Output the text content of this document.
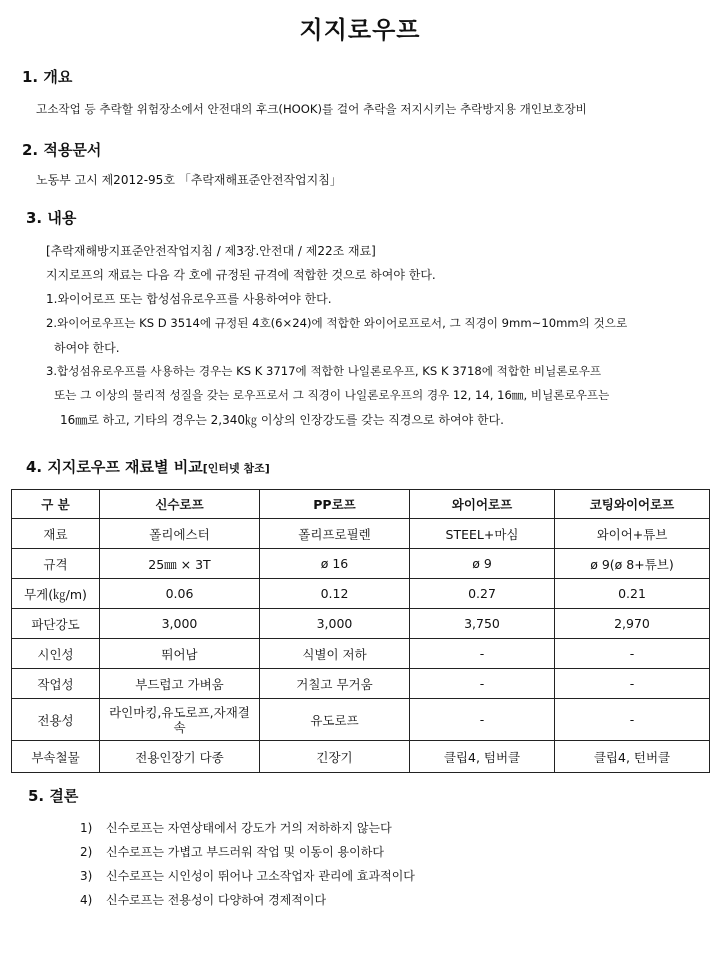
지지로우프
1. 개요
고소작업 등 추락할 위험장소에서 안전대의 후크(HOOK)를 걸어 추락을 저지시키는 추락방지용 개인보호장비
2. 적용문서
노동부 고시 제2012-95호 「추락재해표준안전작업지침」
3. 내용
[추락재해방지표준안전작업지침 / 제3장.안전대 / 제22조 재료]
지지로프의 재료는 다음 각 호에 규정된 규격에 적합한 것으로 하여야 한다.
1.와이어로프 또는 합성섬유로우프를 사용하여야 한다.
2.와이어로우프는 KS D 3514에 규정된 4호(6×24)에 적합한 와이어로프로서, 그 직경이 9mm~10mm의 것으로
하여야 한다.
3.합성섬유로우프를 사용하는 경우는 KS K 3717에 적합한 나일론로우프, KS K 3718에 적합한 비닐론로우프
또는 그 이상의 물리적 성질을 갖는 로우프로서 그 직경이 나일론로우프의 경우 12, 14, 16㎜, 비닐론로우프는
16㎜로 하고, 기타의 경우는 2,340㎏ 이상의 인장강도를 갖는 직경으로 하여야 한다.
4. 지지로우프 재료별 비교[인터넷 참조]
구 분	신수로프	PP로프	와이어로프	코팅와이어로프
재료	폴리에스터	폴리프로필렌	STEEL+마심	와이어+튜브
규격	25㎜ × 3T	ø 16	ø 9	ø 9(ø 8+튜브)
무게(㎏/m)	0.06	0.12	0.27	0.21
파단강도	3,000	3,000	3,750	2,970
시인성	뛰어남	식별이 저하	-	-
작업성	부드럽고 가벼움	거칠고 무거움	-	-
전용성	라인마킹,유도로프,자재결속	유도로프	-	-
부속철물	전용인장기 다종	긴장기	클립4, 텀버클	클립4, 턴버클
5. 결론
1) 신수로프는 자연상태에서 강도가 거의 저하하지 않는다
2) 신수로프는 가볍고 부드러워 작업 및 이동이 용이하다
3) 신수로프는 시인성이 뛰어나 고소작업자 관리에 효과적이다
4) 신수로프는 전용성이 다양하여 경제적이다
